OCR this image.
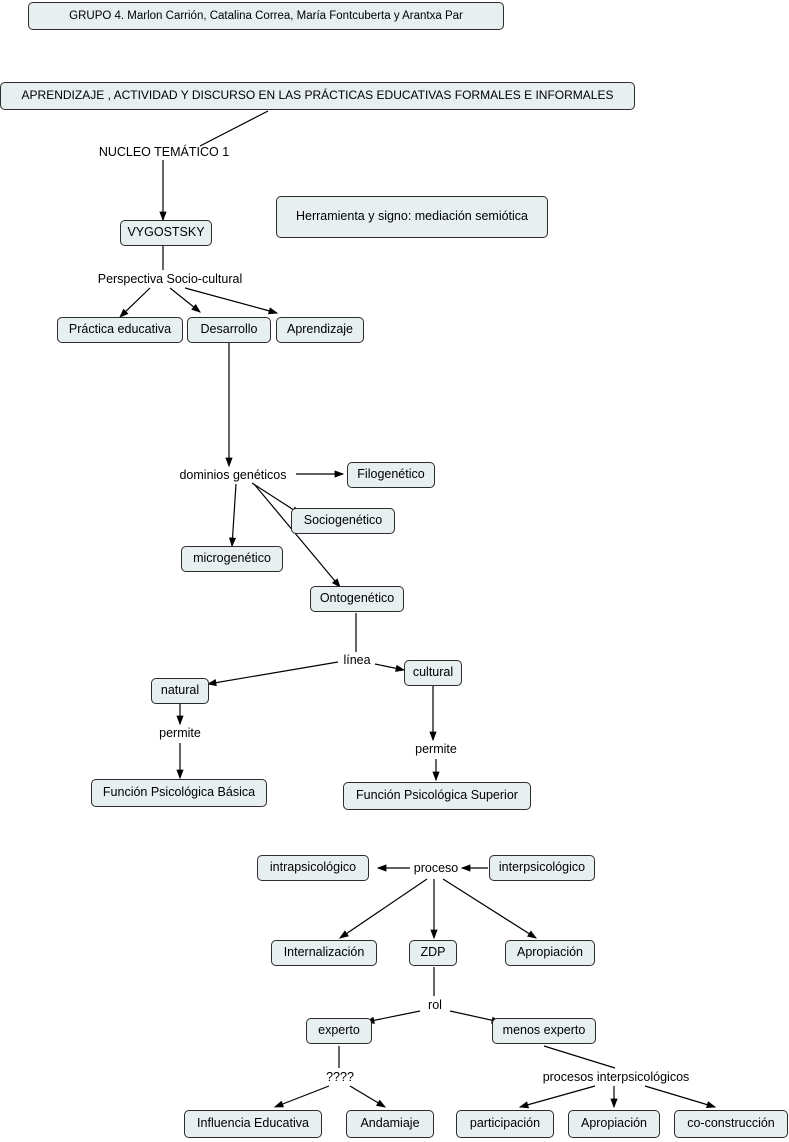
GRUPO 4. Marlon Carrión, Catalina Correa, María Fontcuberta y Arantxa Par
APRENDIZAJE , ACTIVIDAD Y DISCURSO EN LAS PRÁCTICAS EDUCATIVAS FORMALES E INFORMALES
NUCLEO TEMÁTICO 1
VYGOSTSKY
Herramienta y signo: mediación semiótica
Perspectiva Socio-cultural
Práctica educativa Desarrollo Aprendizaje
dominios genéticos	Filogenético
Sociogenético
microgenético
Ontogenético
línea
natural
cultural
permite
permite
Función Psicológica Básica	Función Psicológica Superior
intrapsicológico	proceso	interpsicológico
Internalización	ZDP	Apropiación
rol
experto	menos experto
????	procesos interpsicológicos
Influencia Educativa	Andamiaje	participación	Apropiación	co-construcción
